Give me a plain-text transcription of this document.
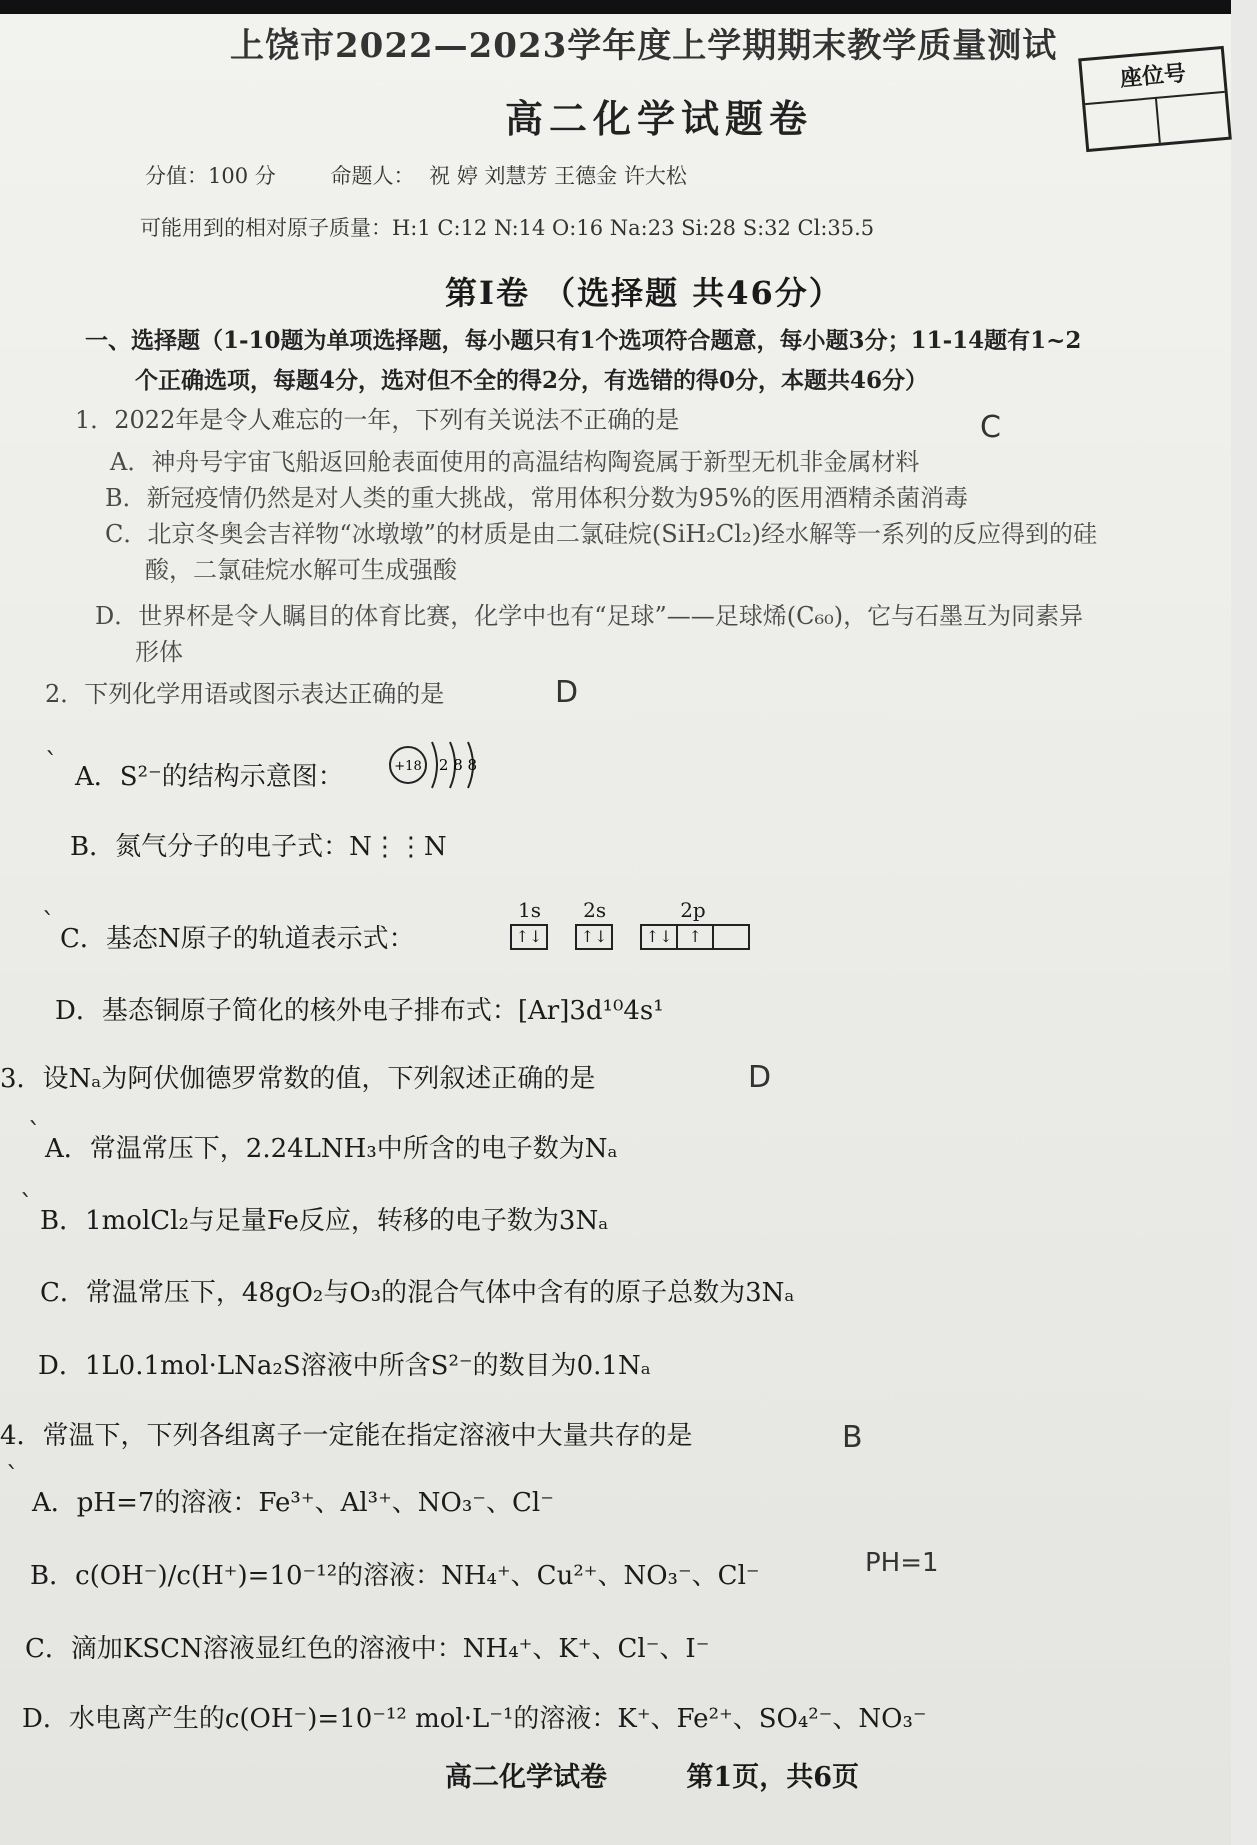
上饶市2022—2023学年度上学期期末教学质量测试
高二化学试题卷
座位号
分值：100 分	命题人： 祝 婷 刘慧芳 王德金 许大松
可能用到的相对原子质量：H:1 C:12 N:14 O:16 Na:23 Si:28 S:32 Cl:35.5
第Ⅰ卷 （选择题 共46分）
一、选择题（1-10题为单项选择题，每小题只有1个选项符合题意，每小题3分；11-14题有1~2
个正确选项，每题4分，选对但不全的得2分，有选错的得0分，本题共46分）
1．2022年是令人难忘的一年，下列有关说法不正确的是	C
A．神舟号宇宙飞船返回舱表面使用的高温结构陶瓷属于新型无机非金属材料
B．新冠疫情仍然是对人类的重大挑战，常用体积分数为95%的医用酒精杀菌消毒
C．北京冬奥会吉祥物“冰墩墩”的材质是由二氯硅烷(SiH₂Cl₂)经水解等一系列的反应得到的硅
酸，二氯硅烷水解可生成强酸
D．世界杯是令人瞩目的体育比赛，化学中也有“足球”——足球烯(C₆₀)，它与石墨互为同素异
形体
2．下列化学用语或图示表达正确的是	D
` A．S²⁻的结构示意图：	+18 2 8 8
B．氮气分子的电子式：N⋮⋮N
`
C．基态N原子的轨道表示式：
1s
↑↓
2s
↑↓
2p
↑↓ ↑
D．基态铜原子简化的核外电子排布式：[Ar]3d¹⁰4s¹
3．设Nₐ为阿伏伽德罗常数的值，下列叙述正确的是	D
`
A．常温常压下，2.24LNH₃中所含的电子数为Nₐ
`
B．1molCl₂与足量Fe反应，转移的电子数为3Nₐ
C．常温常压下，48gO₂与O₃的混合气体中含有的原子总数为3Nₐ
D．1L0.1mol·LNa₂S溶液中所含S²⁻的数目为0.1Nₐ
4．常温下，下列各组离子一定能在指定溶液中大量共存的是	B
`
A．pH=7的溶液：Fe³⁺、Al³⁺、NO₃⁻、Cl⁻
B．c(OH⁻)/c(H⁺)=10⁻¹²的溶液：NH₄⁺、Cu²⁺、NO₃⁻、Cl⁻	PH=1
C．滴加KSCN溶液显红色的溶液中：NH₄⁺、K⁺、Cl⁻、I⁻
D．水电离产生的c(OH⁻)=10⁻¹² mol·L⁻¹的溶液：K⁺、Fe²⁺、SO₄²⁻、NO₃⁻
高二化学试卷	第1页，共6页
